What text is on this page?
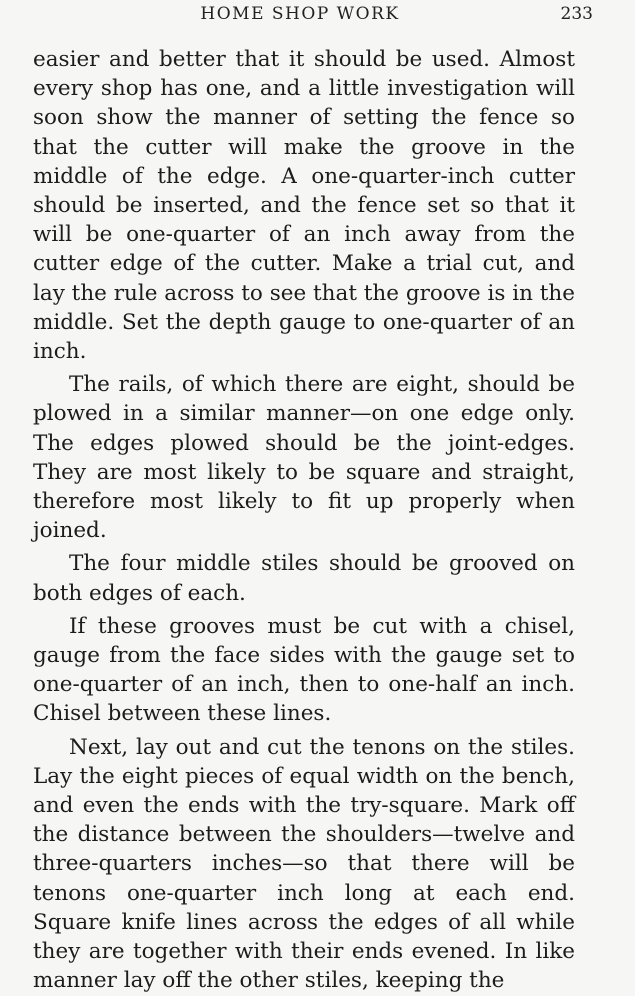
HOME SHOP WORK	233

easier and better that it should be used. Almost every shop has one, and a little investigation will soon show the manner of setting the fence so that the cutter will make the groove in the middle of the edge. A one-quarter-inch cutter should be inserted, and the fence set so that it will be one-quarter of an inch away from the cutter edge of the cutter. Make a trial cut, and lay the rule across to see that the groove is in the middle. Set the depth gauge to one-quarter of an inch.

The rails, of which there are eight, should be plowed in a similar manner—on one edge only. The edges plowed should be the joint-edges. They are most likely to be square and straight, therefore most likely to fit up properly when joined.

The four middle stiles should be grooved on both edges of each.

If these grooves must be cut with a chisel, gauge from the face sides with the gauge set to one-quarter of an inch, then to one-half an inch. Chisel between these lines.

Next, lay out and cut the tenons on the stiles. Lay the eight pieces of equal width on the bench, and even the ends with the try-square. Mark off the distance between the shoulders—twelve and three-quarters inches—so that there will be tenons one-quarter inch long at each end. Square knife lines across the edges of all while they are together with their ends evened. In like manner lay off the other stiles, keeping the
